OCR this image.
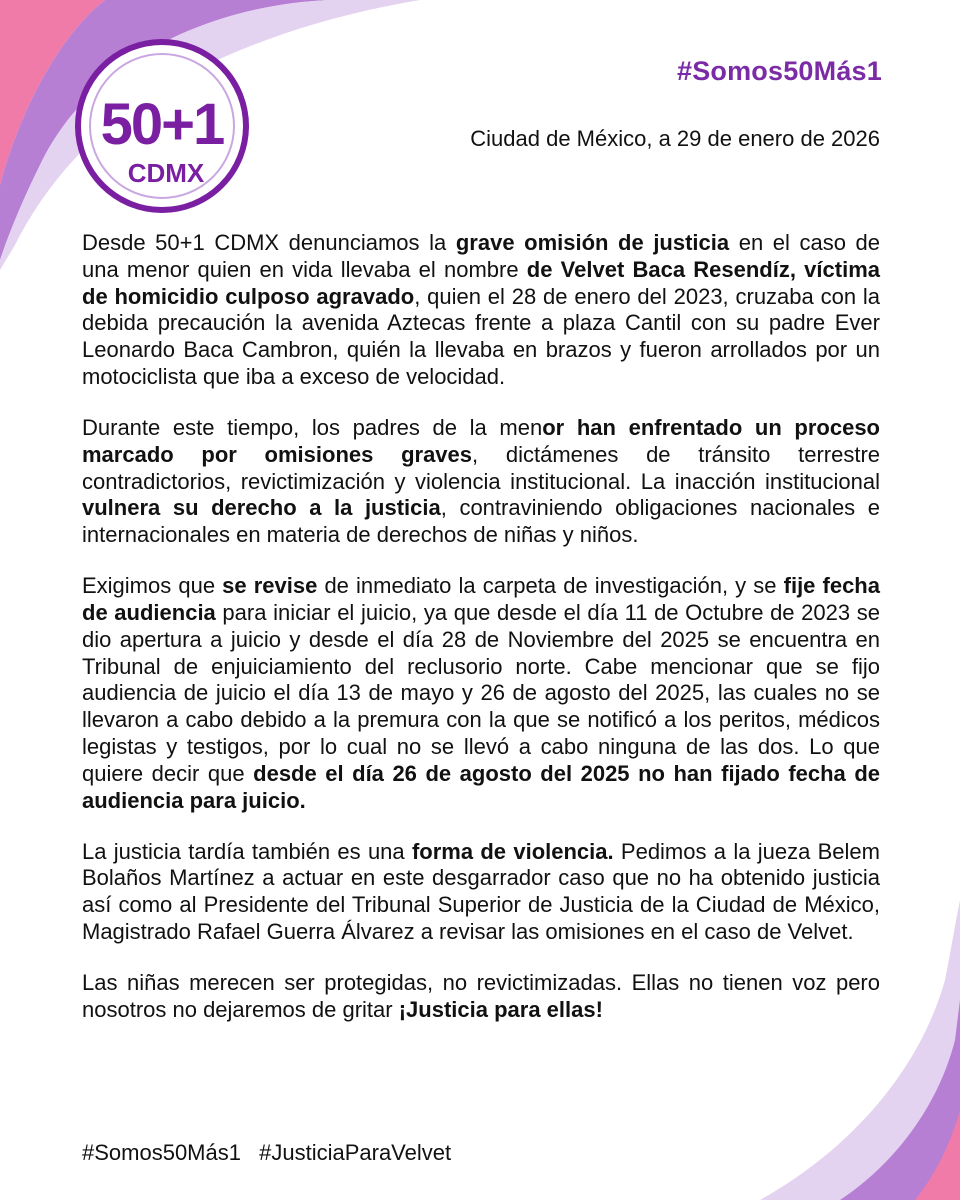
50+1
CDMX
#Somos50Más1
Ciudad de México, a 29 de enero de 2026

Desde 50+1 CDMX denunciamos la grave omisión de justicia en el caso de una menor quien en vida llevaba el nombre de Velvet Baca Resendíz, víctima de homicidio culposo agravado, quien el 28 de enero del 2023, cruzaba con la debida precaución la avenida Aztecas frente a plaza Cantil con su padre Ever Leonardo Baca Cambron, quién la llevaba en brazos y fueron arrollados por un motociclista que iba a exceso de velocidad.

Durante este tiempo, los padres de la menor han enfrentado un proceso marcado por omisiones graves, dictámenes de tránsito terrestre contradictorios, revictimización y violencia institucional. La inacción institucional vulnera su derecho a la justicia, contraviniendo obligaciones nacionales e internacionales en materia de derechos de niñas y niños.

Exigimos que se revise de inmediato la carpeta de investigación, y se fije fecha de audiencia para iniciar el juicio, ya que desde el día 11 de Octubre de 2023 se dio apertura a juicio y desde el día 28 de Noviembre del 2025 se encuentra en Tribunal de enjuiciamiento del reclusorio norte. Cabe mencionar que se fijo audiencia de juicio el día 13 de mayo y 26 de agosto del 2025, las cuales no se llevaron a cabo debido a la premura con la que se notificó a los peritos, médicos legistas y testigos, por lo cual no se llevó a cabo ninguna de las dos. Lo que quiere decir que desde el día 26 de agosto del 2025 no han fijado fecha de audiencia para juicio.

La justicia tardía también es una forma de violencia. Pedimos a la jueza Belem Bolaños Martínez a actuar en este desgarrador caso que no ha obtenido justicia así como al Presidente del Tribunal Superior de Justicia de la Ciudad de México, Magistrado Rafael Guerra Álvarez a revisar las omisiones en el caso de Velvet.

Las niñas merecen ser protegidas, no revictimizadas. Ellas no tienen voz pero nosotros no dejaremos de gritar ¡Justicia para ellas!

#Somos50Más1 #JusticiaParaVelvet
